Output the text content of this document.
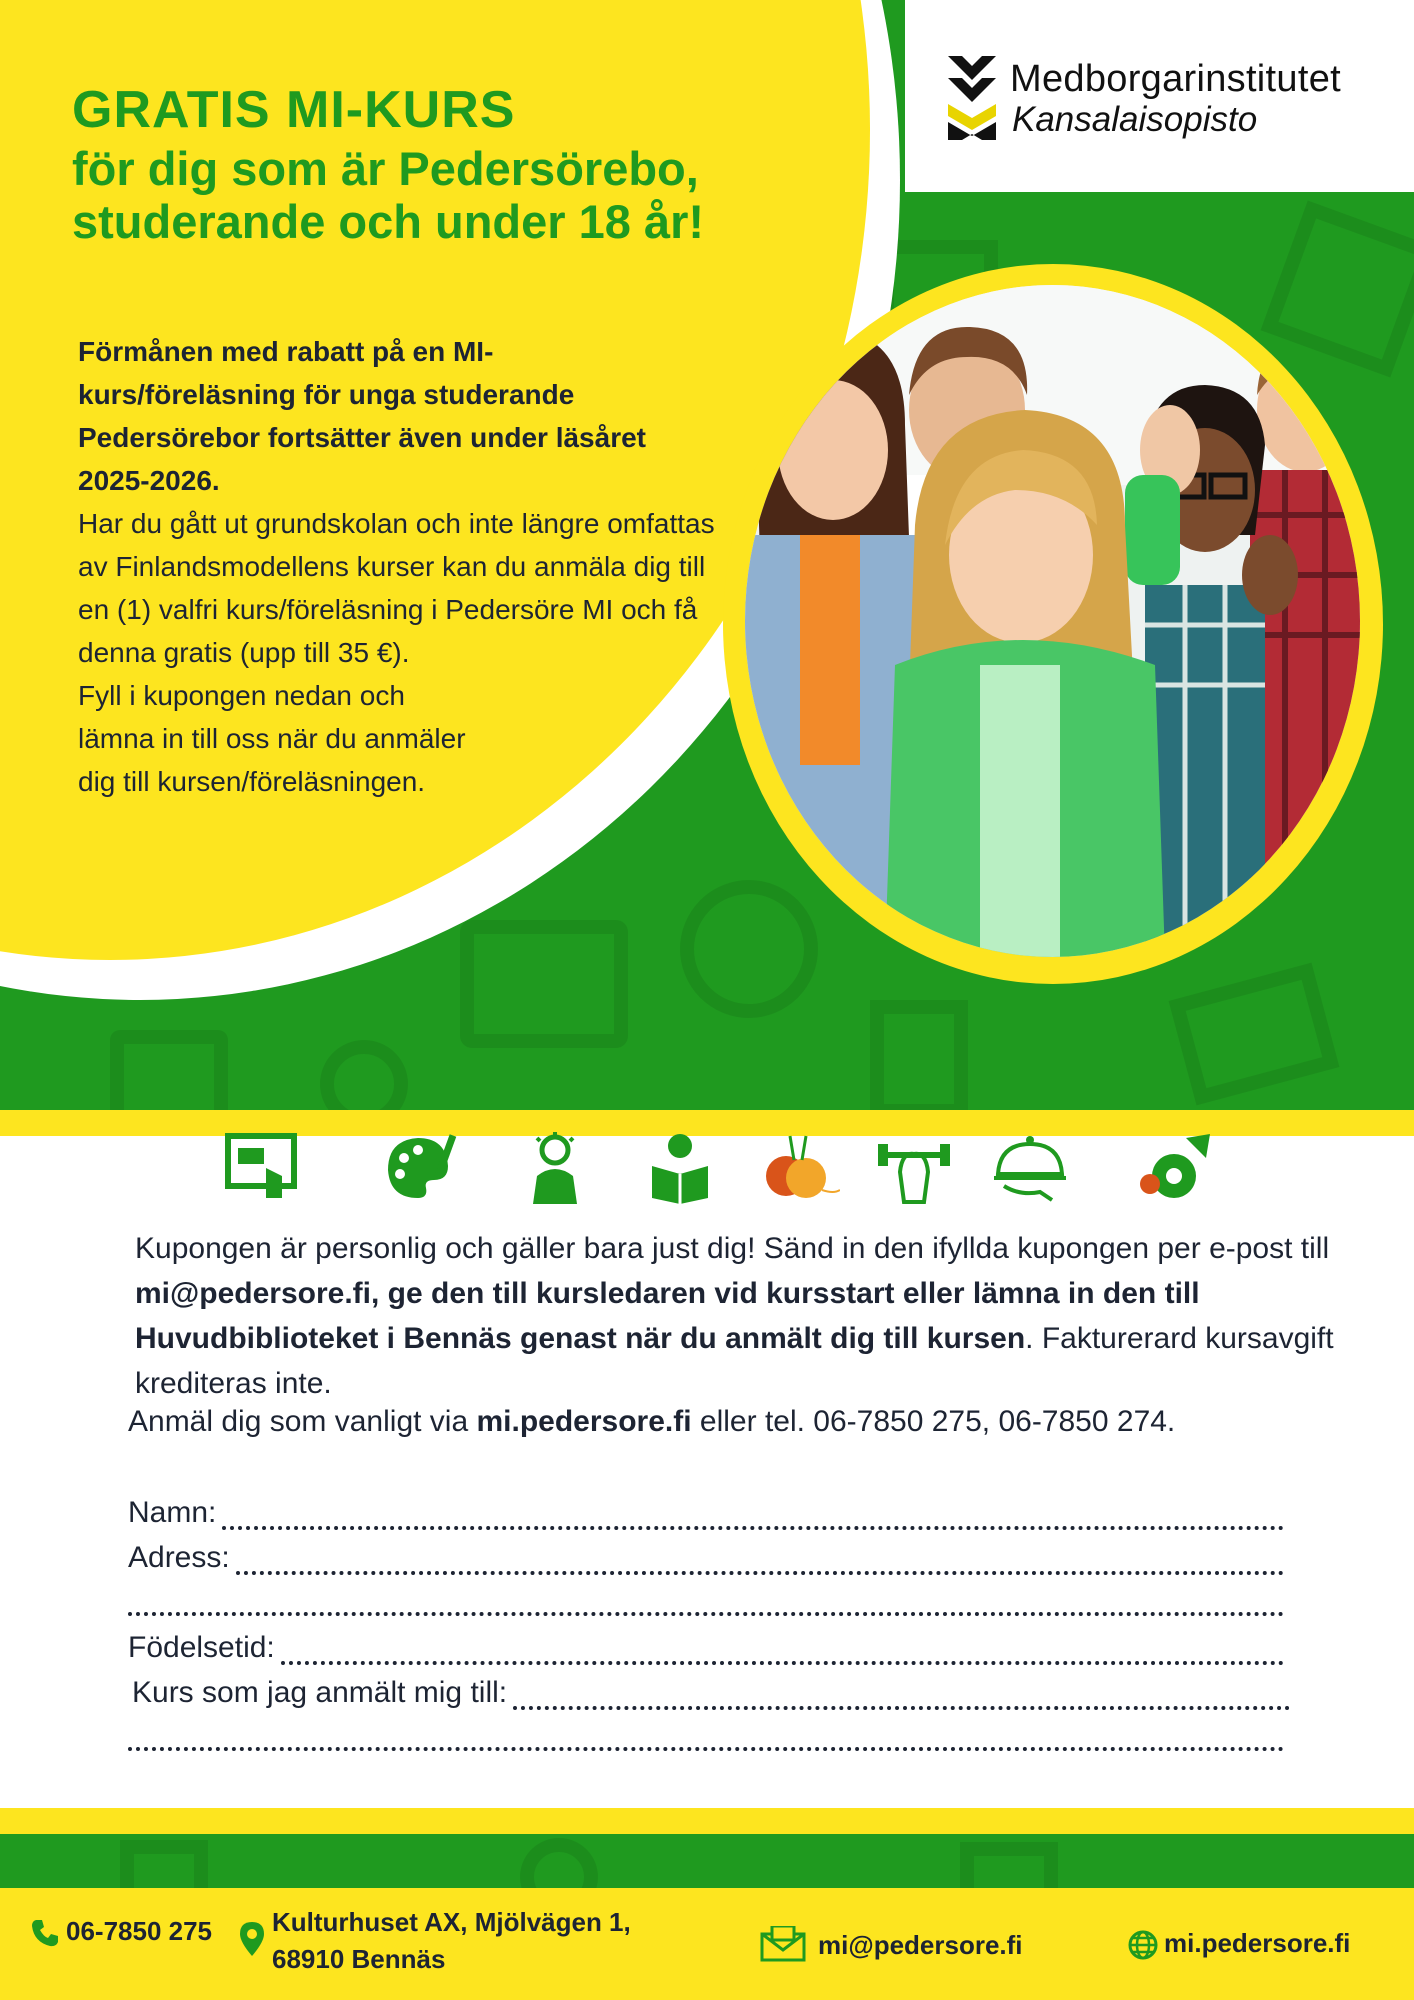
Medborgarinstitutet
Kansalaisopisto
GRATIS MI-KURS
för dig som är Pedersörebo, studerande och under 18 år!
Förmånen med rabatt på en MI-kurs/föreläsning för unga studerande Pedersörebor fortsätter även under läsåret 2025-2026.
Har du gått ut grundskolan och inte längre omfattas av Finlandsmodellens kurser kan du anmäla dig till en (1) valfri kurs/föreläsning i Pedersöre MI och få denna gratis (upp till 35 €).
Fyll i kupongen nedan och
lämna in till oss när du anmäler
dig till kursen/föreläsningen.
Kupongen är personlig och gäller bara just dig! Sänd in den ifyllda kupongen per e-post till mi@pedersore.fi, ge den till kursledaren vid kursstart eller lämna in den till Huvudbiblioteket i Bennäs genast när du anmält dig till kursen. Fakturerard kursavgift krediteras inte.
Anmäl dig som vanligt via mi.pedersore.fi eller tel. 06-7850 275, 06-7850 274.
Namn:
Adress:
Födelsetid:
Kurs som jag anmält mig till:
06-7850 275 Kulturhuset AX, Mjölvägen 1,
68910 Bennäs	mi@pedersore.fi	mi.pedersore.fi
